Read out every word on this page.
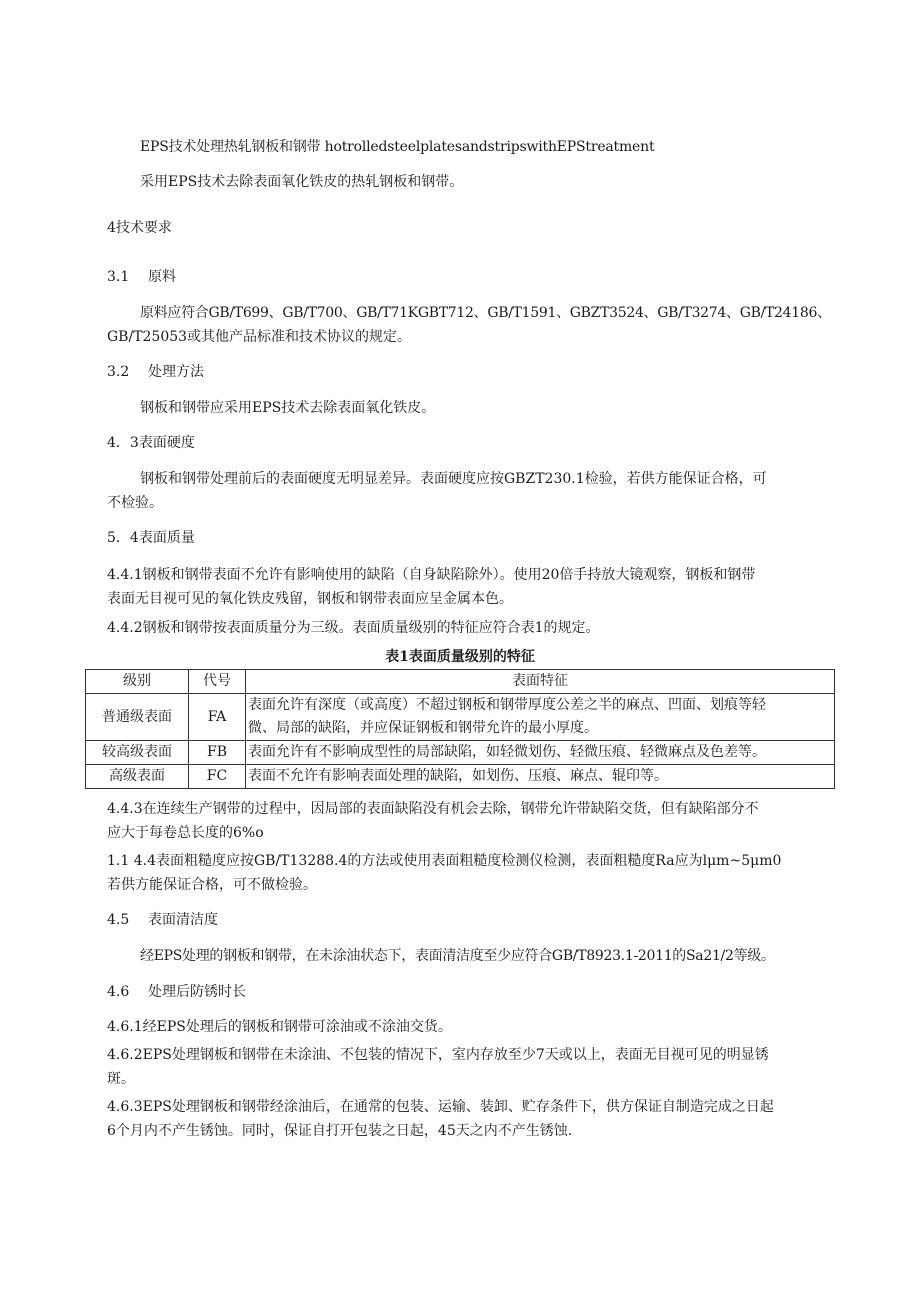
EPS技术处理热轧钢板和钢带 hotrolledsteelplatesandstripswithEPStreatment
采用EPS技术去除表面氧化铁皮的热轧钢板和钢带。
4技术要求
3.1 原料
原料应符合GB/T699、GB/T700、GB/T71KGBT712、GB/T1591、GBZT3524、GB/T3274、GB/T24186、
GB/T25053或其他产品标准和技术协议的规定。
3.2 处理方法
钢板和钢带应采用EPS技术去除表面氧化铁皮。
4．3表面硬度
钢板和钢带处理前后的表面硬度无明显差异。表面硬度应按GBZT230.1检验，若供方能保证合格，可
不检验。
5．4表面质量
4.4.1钢板和钢带表面不允许有影响使用的缺陷（自身缺陷除外）。使用20倍手持放大镜观察，钢板和钢带
表面无目视可见的氧化铁皮残留，钢板和钢带表面应呈金属本色。
4.4.2钢板和钢带按表面质量分为三级。表面质量级别的特征应符合表1的规定。
表1表面质量级别的特征
级别	代号	表面特征
普通级表面	FA	表面允许有深度（或高度）不超过钢板和钢带厚度公差之半的麻点、凹面、划痕等轻
微、局部的缺陷，并应保证钢板和钢带允许的最小厚度。

较高级表面	FB	表面允许有不影响成型性的局部缺陷，如轻微划伤、轻微压痕、轻微麻点及色差等。
高级表面	FC	表面不允许有影响表面处理的缺陷，如划伤、压痕、麻点、辊印等。
4.4.3在连续生产钢带的过程中，因局部的表面缺陷没有机会去除，钢带允许带缺陷交货，但有缺陷部分不
应大于每卷总长度的6%o
1.1 4.4表面粗糙度应按GB/T13288.4的方法或使用表面粗糙度检测仪检测，表面粗糙度Ra应为lμm~5μm0
若供方能保证合格，可不做检验。
4.5 表面清洁度
经EPS处理的钢板和钢带，在未涂油状态下，表面清洁度至少应符合GB/T8923.1-2011的Sa21/2等级。
4.6 处理后防锈时长
4.6.1经EPS处理后的钢板和钢带可涂油或不涂油交货。
4.6.2EPS处理钢板和钢带在未涂油、不包装的情况下，室内存放至少7天或以上，表面无目视可见的明显锈
斑。
4.6.3EPS处理钢板和钢带经涂油后，在通常的包装、运输、装卸、贮存条件下，供方保证自制造完成之日起
6个月内不产生锈蚀。同时，保证自打开包装之日起，45天之内不产生锈蚀.
